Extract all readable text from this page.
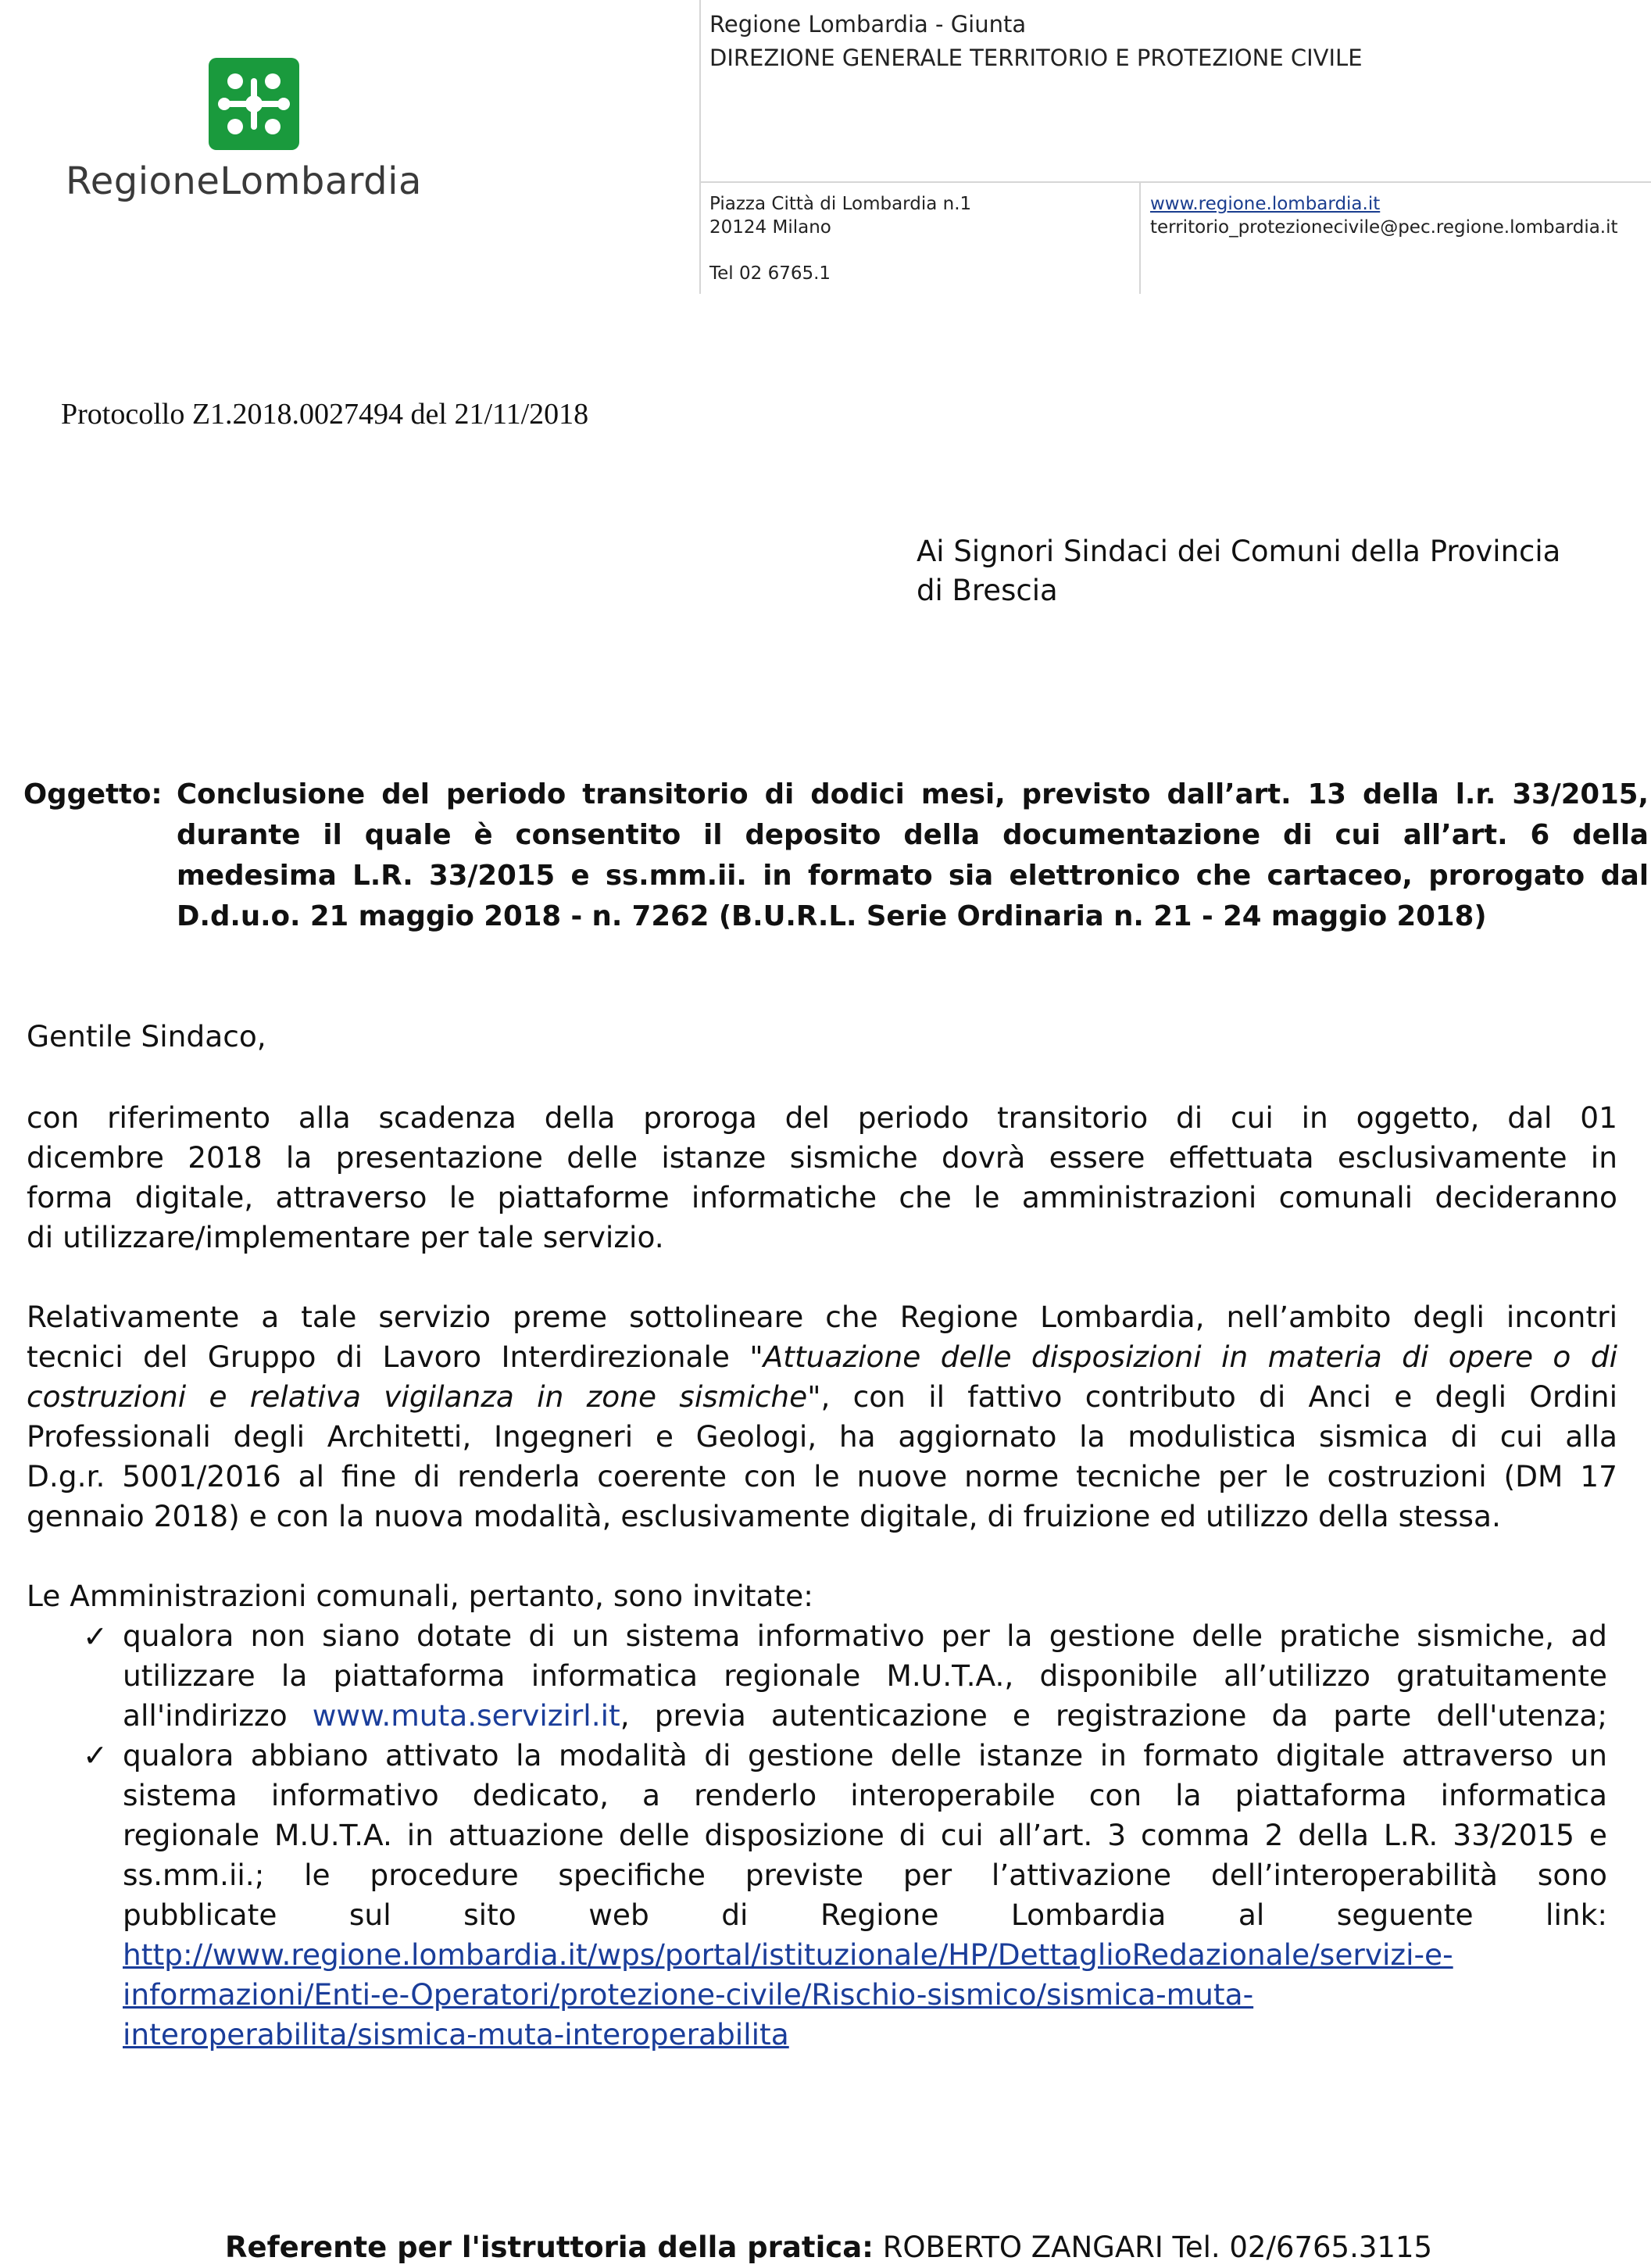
RegioneLombardia
Regione Lombardia - Giunta
DIREZIONE GENERALE TERRITORIO E PROTEZIONE CIVILE
Piazza Città di Lombardia n.1
20124 Milano
Tel 02 6765.1
www.regione.lombardia.it
territorio_protezionecivile@pec.regione.lombardia.it
Protocollo Z1.2018.0027494 del 21/11/2018
Ai Signori Sindaci dei Comuni della Provincia
di Brescia
Oggetto: Conclusione del periodo transitorio di dodici mesi, previsto dall’art. 13 della l.r. 33/2015,
durante il quale è consentito il deposito della documentazione di cui all’art. 6 della
medesima L.R. 33/2015 e ss.mm.ii. in formato sia elettronico che cartaceo, prorogato dal
D.d.u.o. 21 maggio 2018 - n. 7262 (B.U.R.L. Serie Ordinaria n. 21 - 24 maggio 2018)
Gentile Sindaco,
con riferimento alla scadenza della proroga del periodo transitorio di cui in oggetto, dal 01
dicembre 2018 la presentazione delle istanze sismiche dovrà essere effettuata esclusivamente in
forma digitale, attraverso le piattaforme informatiche che le amministrazioni comunali decideranno
di utilizzare/implementare per tale servizio.
Relativamente a tale servizio preme sottolineare che Regione Lombardia, nell’ambito degli incontri
tecnici del Gruppo di Lavoro Interdirezionale "Attuazione delle disposizioni in materia di opere o di
costruzioni e relativa vigilanza in zone sismiche", con il fattivo contributo di Anci e degli Ordini
Professionali degli Architetti, Ingegneri e Geologi, ha aggiornato la modulistica sismica di cui alla
D.g.r. 5001/2016 al fine di renderla coerente con le nuove norme tecniche per le costruzioni (DM 17
gennaio 2018) e con la nuova modalità, esclusivamente digitale, di fruizione ed utilizzo della stessa.
Le Amministrazioni comunali, pertanto, sono invitate:
✓ qualora non siano dotate di un sistema informativo per la gestione delle pratiche sismiche, ad
utilizzare la piattaforma informatica regionale M.U.T.A., disponibile all’utilizzo gratuitamente
all'indirizzo www.muta.servizirl.it, previa autenticazione e registrazione da parte dell'utenza;
✓ qualora abbiano attivato la modalità di gestione delle istanze in formato digitale attraverso un
sistema informativo dedicato, a renderlo interoperabile con la piattaforma informatica
regionale M.U.T.A. in attuazione delle disposizione di cui all’art. 3 comma 2 della L.R. 33/2015 e
ss.mm.ii.; le procedure specifiche previste per l’attivazione dell’interoperabilità sono
pubblicate sul sito web di Regione Lombardia al seguente link:
http://www.regione.lombardia.it/wps/portal/istituzionale/HP/DettaglioRedazionale/servizi-e-
informazioni/Enti-e-Operatori/protezione-civile/Rischio-sismico/sismica-muta-
interoperabilita/sismica-muta-interoperabilita
Referente per l'istruttoria della pratica: ROBERTO ZANGARI Tel. 02/6765.3115
